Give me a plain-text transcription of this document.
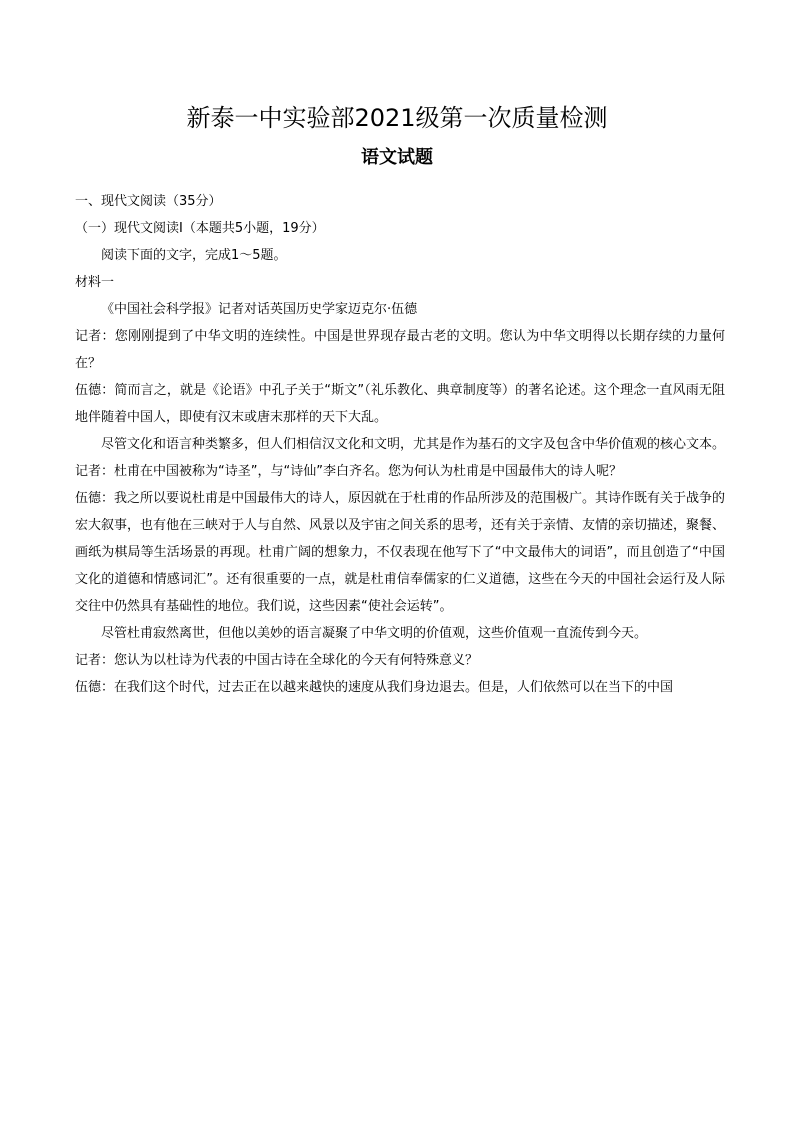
新泰一中实验部2021级第一次质量检测
语文试题

一、现代文阅读（35分）

（一）现代文阅读I（本题共5小题，19分）

阅读下面的文字，完成1～5题。

材料一

《中国社会科学报》记者对话英国历史学家迈克尔·伍德

记者：您刚刚提到了中华文明的连续性。中国是世界现存最古老的文明。您认为中华文明得以长期存续的力量何在？

伍德：简而言之，就是《论语》中孔子关于“斯文”（礼乐教化、典章制度等）的著名论述。这个理念一直风雨无阻地伴随着中国人，即使有汉末或唐末那样的天下大乱。

尽管文化和语言种类繁多，但人们相信汉文化和文明，尤其是作为基石的文字及包含中华价值观的核心文本。

记者：杜甫在中国被称为“诗圣”，与“诗仙”李白齐名。您为何认为杜甫是中国最伟大的诗人呢？

伍德：我之所以要说杜甫是中国最伟大的诗人，原因就在于杜甫的作品所涉及的范围极广。其诗作既有关于战争的宏大叙事，也有他在三峡对于人与自然、风景以及宇宙之间关系的思考，还有关于亲情、友情的亲切描述，聚餐、画纸为棋局等生活场景的再现。杜甫广阔的想象力，不仅表现在他写下了“中文最伟大的词语”，而且创造了“中国文化的道德和情感词汇”。还有很重要的一点，就是杜甫信奉儒家的仁义道德，这些在今天的中国社会运行及人际交往中仍然具有基础性的地位。我们说，这些因素“使社会运转”。

尽管杜甫寂然离世，但他以美妙的语言凝聚了中华文明的价值观，这些价值观一直流传到今天。

记者：您认为以杜诗为代表的中国古诗在全球化的今天有何特殊意义？

伍德：在我们这个时代，过去正在以越来越快的速度从我们身边退去。但是，人们依然可以在当下的中国
